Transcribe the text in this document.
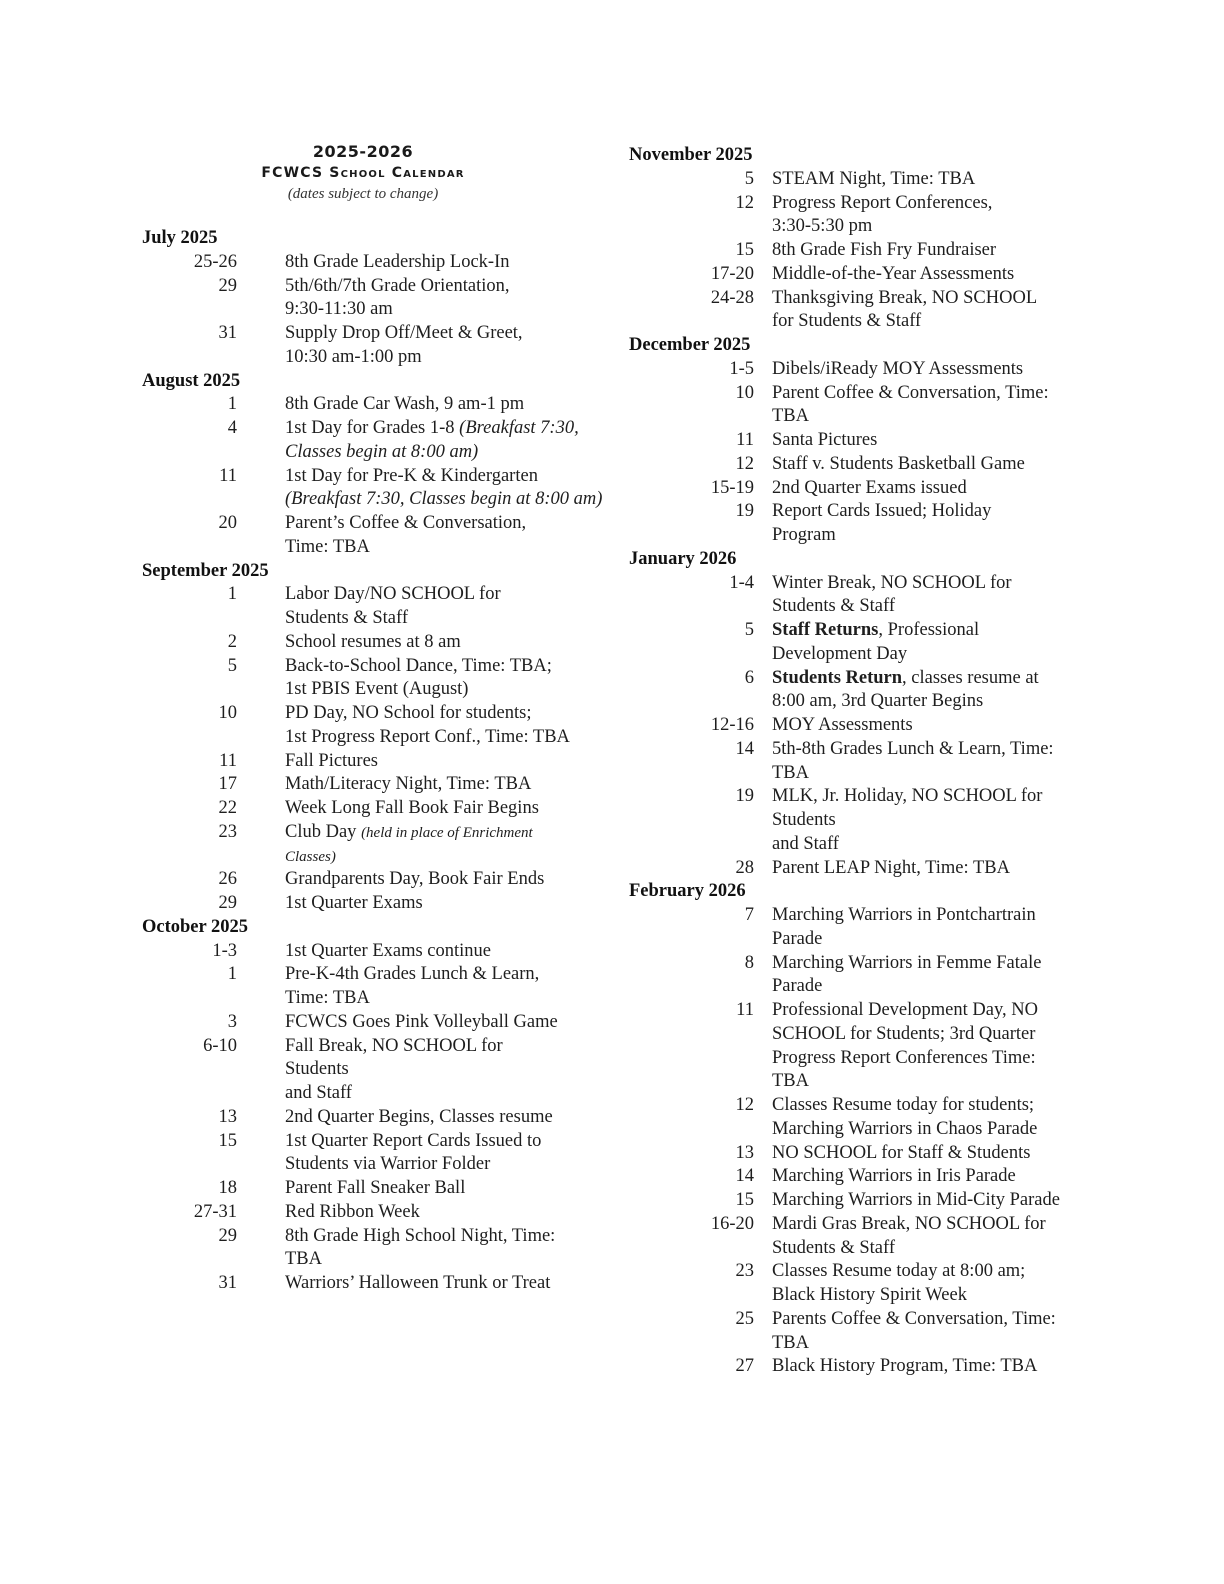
2025-2026
FCWCS School Calendar
(dates subject to change)
July 2025
25-26	8th Grade Leadership Lock-In
29	5th/6th/7th Grade Orientation,
9:30-11:30 am
31	Supply Drop Off/Meet & Greet,
10:30 am-1:00 pm
August 2025
1	8th Grade Car Wash, 9 am-1 pm
4	1st Day for Grades 1-8 (Breakfast 7:30,
Classes begin at 8:00 am)
11	1st Day for Pre-K & Kindergarten
(Breakfast 7:30, Classes begin at 8:00 am)
20	Parent’s Coffee & Conversation,
Time: TBA
September 2025
1	Labor Day/NO SCHOOL for
Students & Staff
2	School resumes at 8 am
5	Back-to-School Dance, Time: TBA;
1st PBIS Event (August)
10	PD Day, NO School for students;
1st Progress Report Conf., Time: TBA
11	Fall Pictures
17	Math/Literacy Night, Time: TBA
22	Week Long Fall Book Fair Begins
23	Club Day (held in place of Enrichment
Classes)
26	Grandparents Day, Book Fair Ends
29	1st Quarter Exams
October 2025
1-3	1st Quarter Exams continue
1	Pre-K-4th Grades Lunch & Learn,
Time: TBA
3	FCWCS Goes Pink Volleyball Game
6-10	Fall Break, NO SCHOOL for
Students
and Staff
13	2nd Quarter Begins, Classes resume
15	1st Quarter Report Cards Issued to
Students via Warrior Folder
18	Parent Fall Sneaker Ball
27-31	Red Ribbon Week
29	8th Grade High School Night, Time:
TBA
31	Warriors’ Halloween Trunk or Treat
November 2025
5 STEAM Night, Time: TBA
12 Progress Report Conferences,
3:30-5:30 pm
15 8th Grade Fish Fry Fundraiser
17-20 Middle-of-the-Year Assessments
24-28 Thanksgiving Break, NO SCHOOL
for Students & Staff
December 2025
1-5 Dibels/iReady MOY Assessments
10 Parent Coffee & Conversation, Time:
TBA
11 Santa Pictures
12 Staff v. Students Basketball Game
15-19 2nd Quarter Exams issued
19 Report Cards Issued; Holiday
Program
January 2026
1-4 Winter Break, NO SCHOOL for
Students & Staff
5 Staff Returns, Professional
Development Day
6 Students Return, classes resume at
8:00 am, 3rd Quarter Begins
12-16 MOY Assessments
14 5th-8th Grades Lunch & Learn, Time:
TBA
19 MLK, Jr. Holiday, NO SCHOOL for
Students
and Staff
28 Parent LEAP Night, Time: TBA
February 2026
7 Marching Warriors in Pontchartrain
Parade
8 Marching Warriors in Femme Fatale
Parade
11 Professional Development Day, NO
SCHOOL for Students; 3rd Quarter
Progress Report Conferences Time:
TBA
12 Classes Resume today for students;
Marching Warriors in Chaos Parade
13 NO SCHOOL for Staff & Students
14 Marching Warriors in Iris Parade
15 Marching Warriors in Mid-City Parade
16-20 Mardi Gras Break, NO SCHOOL for
Students & Staff
23 Classes Resume today at 8:00 am;
Black History Spirit Week
25 Parents Coffee & Conversation, Time:
TBA
27 Black History Program, Time: TBA
